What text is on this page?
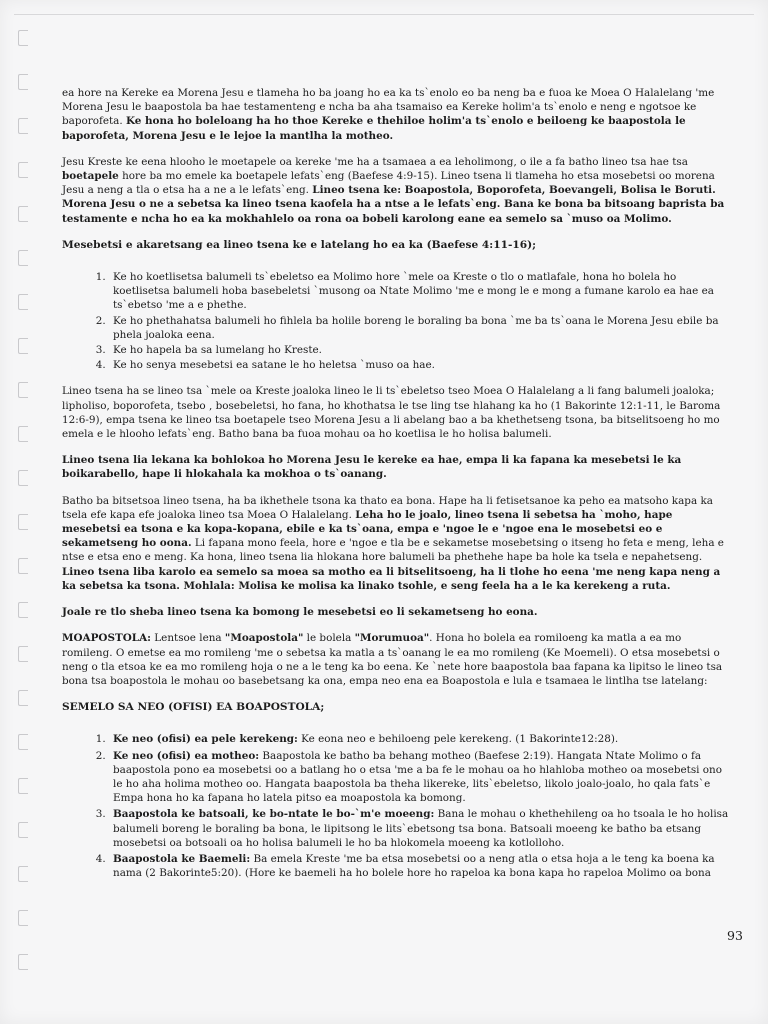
ea hore na Kereke ea Morena Jesu e tlameha ho ba joang ho ea ka ts`enolo eo ba neng ba e fuoa ke Moea O Halalelang 'me Morena Jesu le baapostola ba hae testamenteng e ncha ba aha tsamaiso ea Kereke holim'a ts`enolo e neng e ngotsoe ke baporofeta. Ke hona ho boleloang ha ho thoe Kereke e thehiloe holim'a ts`enolo e beiloeng ke baapostola le baporofeta, Morena Jesu e le lejoe la mantlha la motheo.

Jesu Kreste ke eena hlooho le moetapele oa kereke 'me ha a tsamaea a ea leholimong, o ile a fa batho lineo tsa hae tsa boetapele hore ba mo emele ka boetapele lefats`eng (Baefese 4:9-15). Lineo tsena li tlameha ho etsa mosebetsi oo morena Jesu a neng a tla o etsa ha a ne a le lefats`eng. Lineo tsena ke: Boapostola, Boporofeta, Boevangeli, Bolisa le Boruti. Morena Jesu o ne a sebetsa ka lineo tsena kaofela ha a ntse a le lefats`eng. Bana ke bona ba bitsoang baprista ba testamente e ncha ho ea ka mokhahlelo oa rona oa bobeli karolong eane ea semelo sa `muso oa Molimo.

Mesebetsi e akaretsang ea lineo tsena ke e latelang ho ea ka (Baefese 4:11-16);

1. Ke ho koetlisetsa balumeli ts`ebeletso ea Molimo hore `mele oa Kreste o tlo o matlafale, hona ho bolela ho koetlisetsa balumeli hoba basebeletsi `musong oa Ntate Molimo 'me e mong le e mong a fumane karolo ea hae ea ts`ebetso 'me a e phethe.
2. Ke ho phethahatsa balumeli ho fihlela ba holile boreng le boraling ba bona `me ba ts`oana le Morena Jesu ebile ba phela joaloka eena.
3. Ke ho hapela ba sa lumelang ho Kreste.
4. Ke ho senya mesebetsi ea satane le ho heletsa `muso oa hae.

Lineo tsena ha se lineo tsa `mele oa Kreste joaloka lineo le li ts`ebeletso tseo Moea O Halalelang a li fang balumeli joaloka; lipholiso, boporofeta, tsebo , bosebeletsi, ho fana, ho khothatsa le tse ling tse hlahang ka ho (1 Bakorinte 12:1-11, le Baroma 12:6-9), empa tsena ke lineo tsa boetapele tseo Morena Jesu a li abelang bao a ba khethetseng tsona, ba bitselitsoeng ho mo emela e le hloohо lefats`eng. Batho bana ba fuoa mohau oa ho koetlisa le ho holisa balumeli.

Lineo tsena lia lekana ka bohlokoa ho Morena Jesu le kereke ea hae, empa li ka fapana ka mesebetsi le ka boikarabello, hape li hlokahala ka mokhoa o ts`oanang.

Batho ba bitsetsoa lineo tsena, ha ba ikhethele tsona ka thato ea bona. Hape ha li fetisetsanoe ka peho ea matsoho kapa ka tsela efe kapa efe joaloka lineo tsa Moea O Halalelang. Leha ho le joalo, lineo tsena li sebetsa ha `moho, hape mesebetsi ea tsona e ka kopa-kopana, ebile e ka ts`oana, empa e 'ngoe le e 'ngoe ena le mosebetsi eo e sekametseng ho oona. Li fapana mono feela, hore e 'ngoe e tla be e sekametse mosebetsing o itseng ho feta e meng, leha e ntse e etsa eno e meng. Ka hona, lineo tsena lia hlokana hore balumeli ba phethehe hape ba hole ka tsela e nepahetseng. Lineo tsena liba karolo ea semelo sa moea sa motho ea li bitselitsoeng, ha li tlohe ho eena 'me neng kapa neng a ka sebetsa ka tsona. Mohlala: Molisa ke molisa ka linako tsohle, e seng feela ha a le ka kerekeng a ruta.

Joale re tlo sheba lineo tsena ka bomong le mesebetsi eo li sekametseng ho eona.

MOAPOSTOLA: Lentsoe lena "Moapostola" le bolela "Morumuoa". Hona ho bolela ea romiloeng ka matla a ea mo romileng. O emetse ea mo romileng 'me o sebetsa ka matla a ts`oanang le ea mo romileng (Ke Moemeli). O etsa mosebetsi o neng o tla etsoa ke ea mo romileng hoja o ne a le teng ka bo eena. Ke `nete hore baapostola baa fapana ka lipitso le lineo tsa bona tsa boapostola le mohau oo basebetsang ka ona, empa neo ena ea Boapostola e lula e tsamaea le lintlha tse latelang:

SEMELO SA NEO (OFISI) EA BOAPOSTOLA;

1. Ke neo (ofisi) ea pele kerekeng: Ke eona neo e behiloeng pele kerekeng. (1 Bakorinte12:28).
2. Ke neo (ofisi) ea motheo: Baapostola ke batho ba behang motheo (Baefese 2:19). Hangata Ntate Molimo o fa baapostola pono ea mosebetsi oo a batlang ho o etsa 'me a ba fe le mohau oa ho hlahloba motheo oa mosebetsi ono le ho aha holima motheo oo. Hangata baapostola ba theha likereke, lits`ebeletso, likolo joalo-joalo, ho qala fats`e Empa hona ho ka fapana ho latela pitso ea moapostola ka bomong.
3. Baapostola ke batsoali, ke bo-ntate le bo-`m'e moeeng: Bana le mohau o khethehileng oa ho tsoala le ho holisa balumeli boreng le boraling ba bona, le lipitsong le lits`ebetsong tsa bona. Batsoali moeeng ke batho ba etsang mosebetsi oa botsoali oa ho holisa balumeli le ho ba hlokomela moeeng ka kotlolloho.
4. Baapostola ke Baemeli: Ba emela Kreste 'me ba etsa mosebetsi oo a neng atla o etsa hoja a le teng ka boena ka nama (2 Bakorinte5:20). (Hore ke baemeli ha ho bolele hore ho rapeloa ka bona kapa ho rapeloa Molimo oa bona
93
